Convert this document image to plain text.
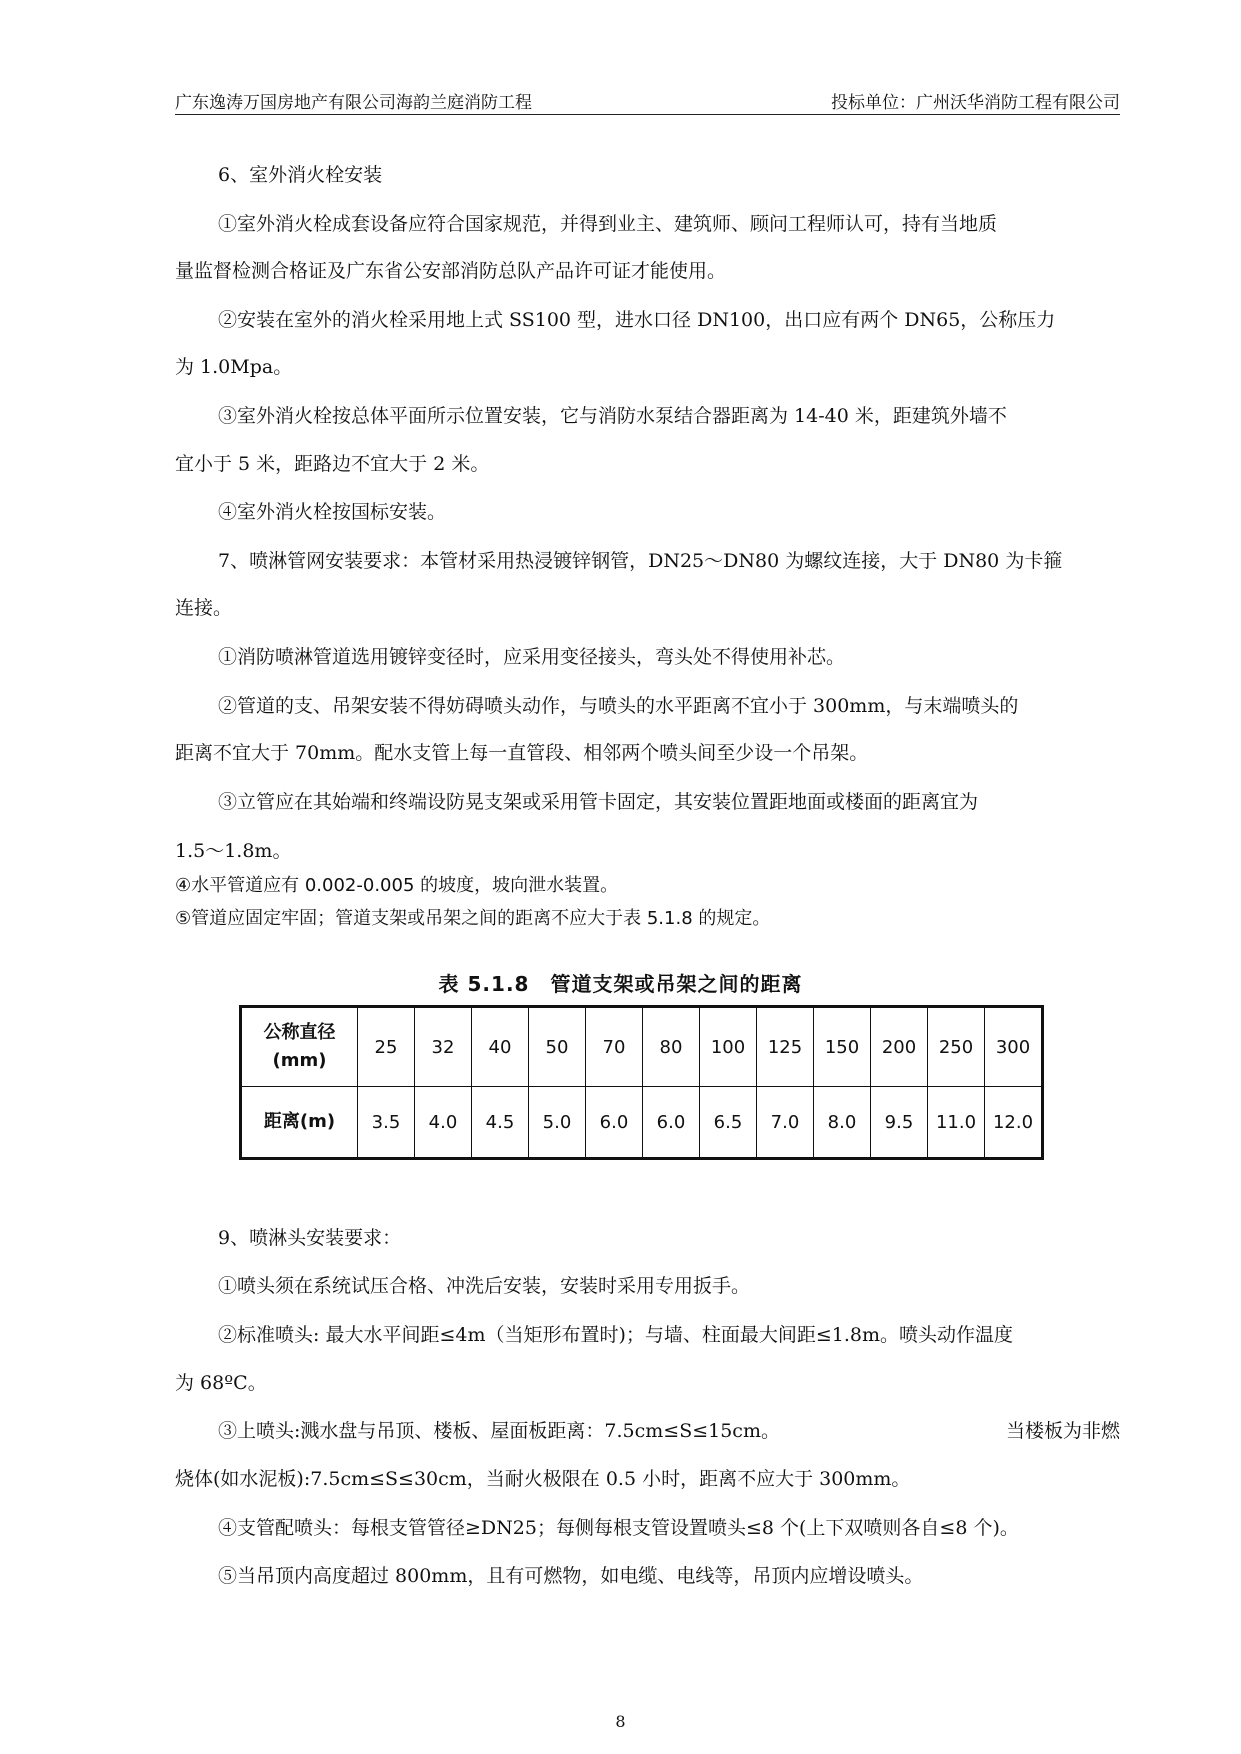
广东逸涛万国房地产有限公司海韵兰庭消防工程	投标单位：广州沃华消防工程有限公司
6、室外消火栓安装
①室外消火栓成套设备应符合国家规范，并得到业主、建筑师、顾问工程师认可，持有当地质
量监督检测合格证及广东省公安部消防总队产品许可证才能使用。
②安装在室外的消火栓采用地上式 SS100 型，进水口径 DN100，出口应有两个 DN65，公称压力
为 1.0Mpa。
③室外消火栓按总体平面所示位置安装，它与消防水泵结合器距离为 14-40 米，距建筑外墙不
宜小于 5 米，距路边不宜大于 2 米。
④室外消火栓按国标安装。
7、喷淋管网安装要求：本管材采用热浸镀锌钢管，DN25～DN80 为螺纹连接，大于 DN80 为卡箍
连接。
①消防喷淋管道选用镀锌变径时，应采用变径接头，弯头处不得使用补芯。
②管道的支、吊架安装不得妨碍喷头动作，与喷头的水平距离不宜小于 300mm，与末端喷头的
距离不宜大于 70mm。配水支管上每一直管段、相邻两个喷头间至少设一个吊架。
③立管应在其始端和终端设防晃支架或采用管卡固定，其安装位置距地面或楼面的距离宜为
1.5～1.8m。
④水平管道应有 0.002-0.005 的坡度，坡向泄水装置。
⑤管道应固定牢固；管道支架或吊架之间的距离不应大于表 5.1.8 的规定。
表 5.1.8　管道支架或吊架之间的距离
公称直径
(mm)	25	32	40	50	70	80	100	125	150	200	250	300
距离(m)	3.5	4.0	4.5	5.0	6.0	6.0	6.5	7.0	8.0	9.5	11.0	12.0
9、喷淋头安装要求：
①喷头须在系统试压合格、冲洗后安装，安装时采用专用扳手。
②标准喷头: 最大水平间距≤4m（当矩形布置时)；与墙、柱面最大间距≤1.8m。喷头动作温度
为 68ºC。
③上喷头:溅水盘与吊顶、楼板、屋面板距离：7.5cm≤S≤15cm。	当楼板为非燃
烧体(如水泥板):7.5cm≤S≤30cm，当耐火极限在 0.5 小时，距离不应大于 300mm。
④支管配喷头：每根支管管径≥DN25；每侧每根支管设置喷头≤8 个(上下双喷则各自≤8 个)。
⑤当吊顶内高度超过 800mm，且有可燃物，如电缆、电线等，吊顶内应增设喷头。
8
